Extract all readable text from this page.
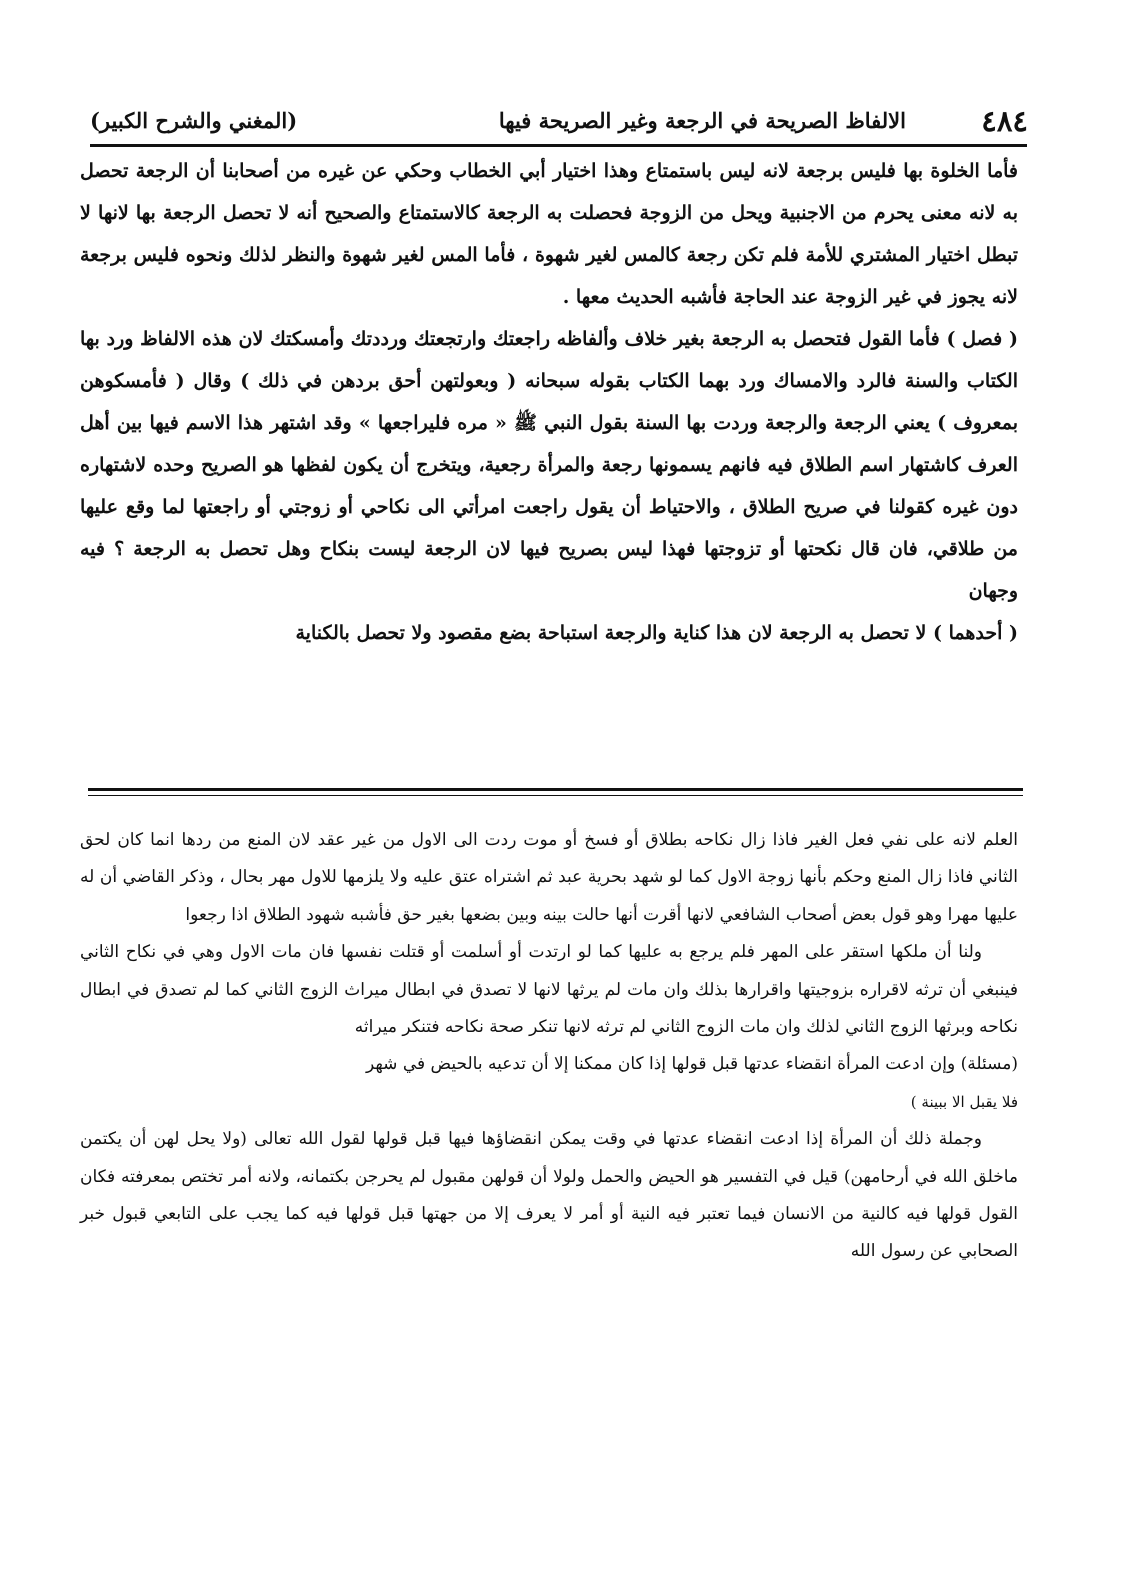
٤٨٤
الالفاظ الصريحة في الرجعة وغير الصريحة فيها
(المغني والشرح الكبير)

فأما الخلوة بها فليس برجعة لانه ليس باستمتاع وهذا اختيار أبي الخطاب وحكي عن غيره من أصحابنا أن الرجعة تحصل به لانه معنى يحرم من الاجنبية ويحل من الزوجة فحصلت به الرجعة كالاستمتاع والصحيح أنه لا تحصل الرجعة بها لانها لا تبطل اختيار المشتري للأمة فلم تكن رجعة كالمس لغير شهوة ، فأما المس لغير شهوة والنظر لذلك ونحوه فليس برجعة لانه يجوز في غير الزوجة عند الحاجة فأشبه الحديث معها .

( فصل ) فأما القول فتحصل به الرجعة بغير خلاف وألفاظه راجعتك وارتجعتك ورددتك وأمسكتك لان هذه الالفاظ ورد بها الكتاب والسنة فالرد والامساك ورد بهما الكتاب بقوله سبحانه ( وبعولتهن أحق بردهن في ذلك ) وقال ( فأمسكوهن بمعروف ) يعني الرجعة والرجعة وردت بها السنة بقول النبي ﷺ « مره فليراجعها » وقد اشتهر هذا الاسم فيها بين أهل العرف كاشتهار اسم الطلاق فيه فانهم يسمونها رجعة والمرأة رجعية، ويتخرج أن يكون لفظها هو الصريح وحده لاشتهاره دون غيره كقولنا في صريح الطلاق ، والاحتياط أن يقول راجعت امرأتي الى نكاحي أو زوجتي أو راجعتها لما وقع عليها من طلاقي، فان قال نكحتها أو تزوجتها فهذا ليس بصريح فيها لان الرجعة ليست بنكاح وهل تحصل به الرجعة ؟ فيه وجهان

( أحدهما ) لا تحصل به الرجعة لان هذا كناية والرجعة استباحة بضع مقصود ولا تحصل بالكناية

العلم لانه على نفي فعل الغير فاذا زال نكاحه بطلاق أو فسخ أو موت ردت الى الاول من غير عقد لان المنع من ردها انما كان لحق الثاني فاذا زال المنع وحكم بأنها زوجة الاول كما لو شهد بحرية عبد ثم اشتراه عتق عليه ولا يلزمها للاول مهر بحال ، وذكر القاضي أن له عليها مهرا وهو قول بعض أصحاب الشافعي لانها أقرت أنها حالت بينه وبين بضعها بغير حق فأشبه شهود الطلاق اذا رجعوا

ولنا أن ملكها استقر على المهر فلم يرجع به عليها كما لو ارتدت أو أسلمت أو قتلت نفسها فان مات الاول وهي في نكاح الثاني فينبغي أن ترثه لاقراره بزوجيتها واقرارها بذلك وان مات لم يرثها لانها لا تصدق في ابطال ميراث الزوج الثاني كما لم تصدق في ابطال نكاحه وبرثها الزوج الثاني لذلك وان مات الزوج الثاني لم ترثه لانها تنكر صحة نكاحه فتنكر ميراثه

(مسئلة) وإن ادعت المرأة انقضاء عدتها قبل قولها إذا كان ممكنا إلا أن تدعيه بالحيض في شهر

فلا يقبل الا ببينة )

وجملة ذلك أن المرأة إذا ادعت انقضاء عدتها في وقت يمكن انقضاؤها فيها قبل قولها لقول الله تعالى (ولا يحل لهن أن يكتمن ماخلق الله في أرحامهن) قيل في التفسير هو الحيض والحمل ولولا أن قولهن مقبول لم يحرجن بكتمانه، ولانه أمر تختص بمعرفته فكان القول قولها فيه كالنية من الانسان فيما تعتبر فيه النية أو أمر لا يعرف إلا من جهتها قبل قولها فيه كما يجب على التابعي قبول خبر الصحابي عن رسول الله
